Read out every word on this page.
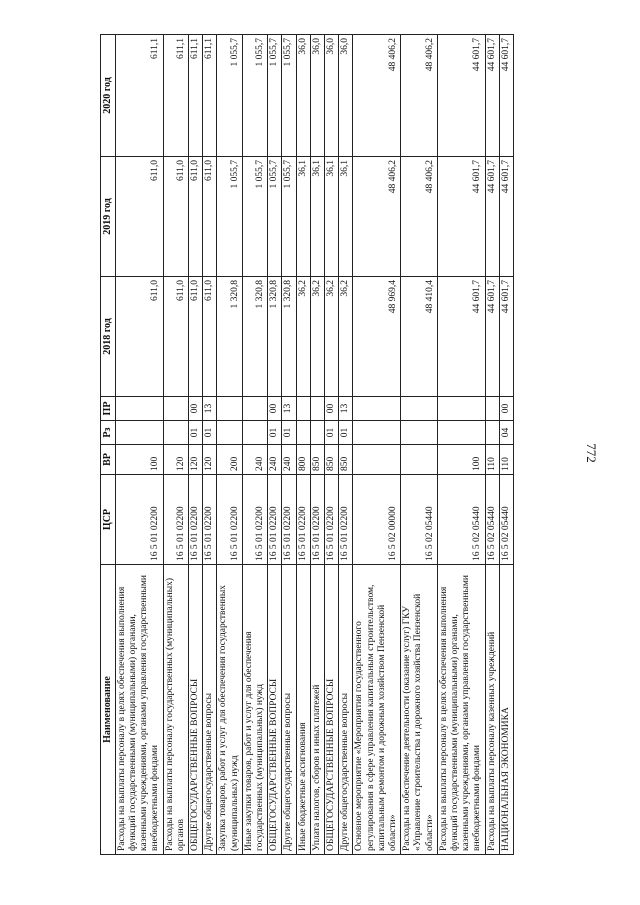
772
Наименование	ЦСР	ВР	Рз	ПР	2018 год	2019 год	2020 год
Расходы на выплаты персоналу в целях обеспечения выполнения функций государственными (муниципальными) органами, казенными учреждениями, органами управления государственными внебюджетными фондами	16 5 01 02200	100			611,0	611,0	611,1
Расходы на выплаты персоналу государственных (муниципальных) органов	16 5 01 02200	120			611,0	611,0	611,1
ОБЩЕГОСУДАРСТВЕННЫЕ ВОПРОСЫ	16 5 01 02200	120	01	00	611,0	611,0	611,1
Другие общегосударственные вопросы	16 5 01 02200	120	01	13	611,0	611,0	611,1
Закупка товаров, работ и услуг для обеспечения государственных (муниципальных) нужд	16 5 01 02200	200			1 320,8	1 055,7	1 055,7
Иные закупки товаров, работ и услуг для обеспечения государственных (муниципальных) нужд	16 5 01 02200	240			1 320,8	1 055,7	1 055,7
ОБЩЕГОСУДАРСТВЕННЫЕ ВОПРОСЫ	16 5 01 02200	240	01	00	1 320,8	1 055,7	1 055,7
Другие общегосударственные вопросы	16 5 01 02200	240	01	13	1 320,8	1 055,7	1 055,7
Иные бюджетные ассигнования	16 5 01 02200	800			36,2	36,1	36,0
Уплата налогов, сборов и иных платежей	16 5 01 02200	850			36,2	36,1	36,0
ОБЩЕГОСУДАРСТВЕННЫЕ ВОПРОСЫ	16 5 01 02200	850	01	00	36,2	36,1	36,0
Другие общегосударственные вопросы	16 5 01 02200	850	01	13	36,2	36,1	36,0
Основное мероприятие «Мероприятия государственного регулирования в сфере управления капитальным строительством, капитальным ремонтом и дорожным хозяйством Пензенской области»	16 5 02 00000				48 969,4	48 406,2	48 406,2
Расходы на обеспечение деятельности (оказание услуг) ГКУ «Управление строительства и дорожного хозяйства Пензенской области»	16 5 02 05440				48 410,4	48 406,2	48 406,2
Расходы на выплаты персоналу в целях обеспечения выполнения функций государственными (муниципальными) органами, казенными учреждениями, органами управления государственными внебюджетными фондами	16 5 02 05440	100			44 601,7	44 601,7	44 601,7
Расходы на выплаты персоналу казенных учреждений	16 5 02 05440	110			44 601,7	44 601,7	44 601,7
НАЦИОНАЛЬНАЯ ЭКОНОМИКА	16 5 02 05440	110	04	00	44 601,7	44 601,7	44 601,7
